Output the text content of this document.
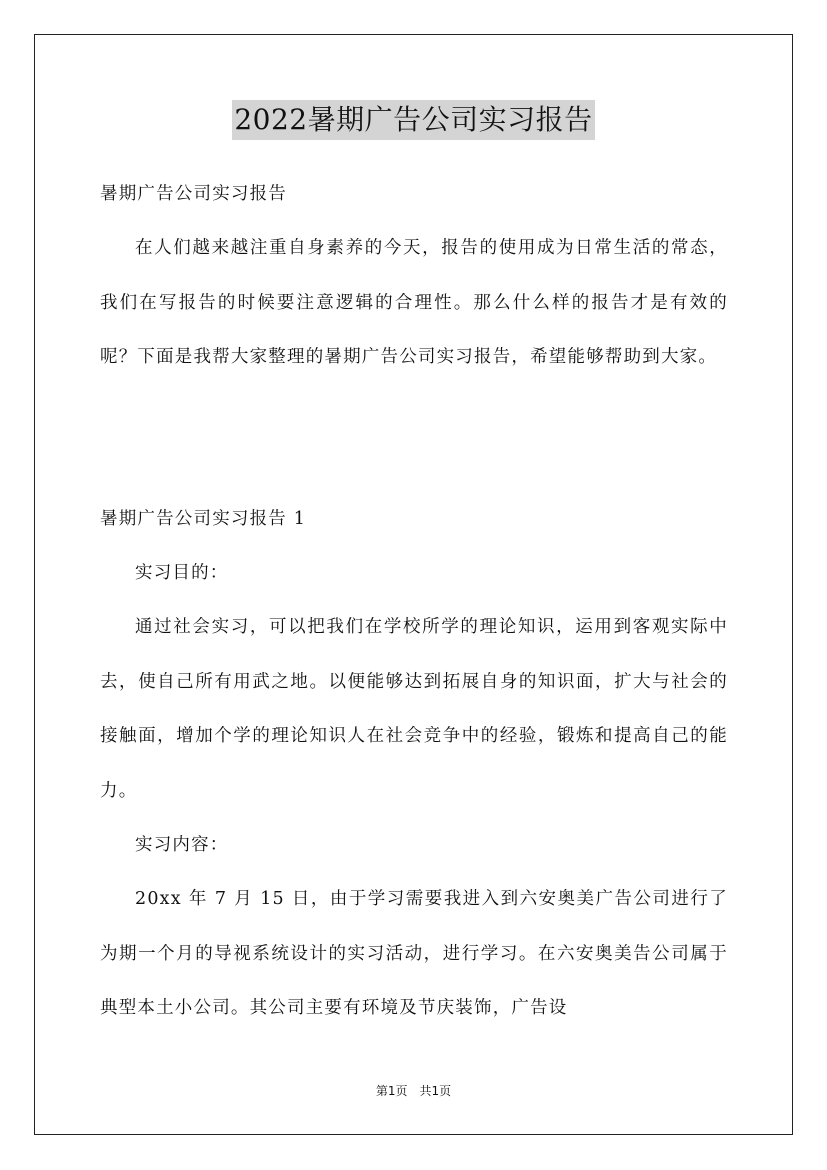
2022暑期广告公司实习报告

暑期广告公司实习报告

在人们越来越注重自身素养的今天，报告的使用成为日常生活的常态，我们在写报告的时候要注意逻辑的合理性。那么什么样的报告才是有效的呢？下面是我帮大家整理的暑期广告公司实习报告，希望能够帮助到大家。

暑期广告公司实习报告 1

实习目的：

通过社会实习，可以把我们在学校所学的理论知识，运用到客观实际中去，使自己所有用武之地。以便能够达到拓展自身的知识面，扩大与社会的接触面，增加个学的理论知识人在社会竞争中的经验，锻炼和提高自己的能力。

实习内容：

20xx 年 7 月 15 日，由于学习需要我进入到六安奥美广告公司进行了为期一个月的导视系统设计的实习活动，进行学习。在六安奥美告公司属于典型本土小公司。其公司主要有环境及节庆装饰，广告设

第1页　共1页
